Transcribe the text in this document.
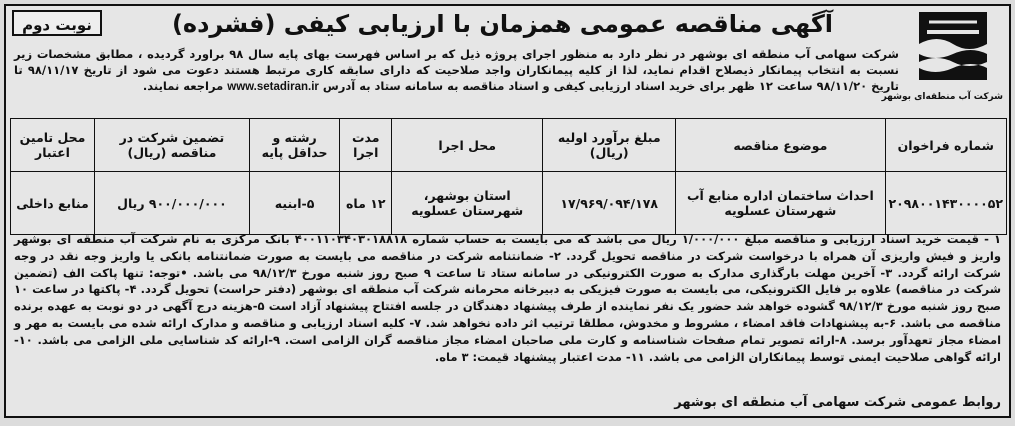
شرکت آب منطقه‌ای بوشهر
آگهی مناقصه عمومی همزمان با ارزیابی کیفی (فشرده)
نوبت دوم
شرکت سهامی آب منطقه ای بوشهر در نظر دارد به منظور اجرای پروژه ذیل که بر اساس فهرست بهای پایه سال ۹۸ براورد گردیده ، مطابق مشخصات زیر نسبت به انتخاب پیمانکار ذیصلاح اقدام نماید، لذا از کلیه پیمانکاران واجد صلاحیت که دارای سابقه کاری مرتبط هستند دعوت می شود از تاریخ ۹۸/۱۱/۱۷ تا تاریخ ۹۸/۱۱/۲۰ ساعت ۱۲ ظهر برای خرید اسناد ارزیابی کیفی و اسناد مناقصه به سامانه ستاد به آدرس www.setadiran.ir مراجعه نمایند.
شماره فراخوان	موضوع مناقصه	مبلغ برآورد اولیه (ریال)	محل اجرا	مدت اجرا	رشته و حداقل پایه	تضمین شرکت در مناقصه (ریال)	محل تامین اعتبار
۲۰۹۸۰۰۱۴۳۰۰۰۰۵۲	احداث ساختمان اداره منابع آب شهرستان عسلویه	۱۷/۹۶۹/۰۹۴/۱۷۸	استان بوشهر، شهرستان عسلویه	۱۲ ماه	۵-ابنیه	۹۰۰/۰۰۰/۰۰۰ ریال	منابع داخلی
۱ - قیمت خرید اسناد ارزیابی و مناقصه مبلغ ۱/۰۰۰/۰۰۰ ریال می باشد که می بایست به حساب شماره ۴۰۰۱۱۰۳۴۰۳۰۱۸۸۱۸ بانک مرکزی به نام شرکت آب منطقه ای بوشهر واریز و فیش واریزی آن همراه با درخواست شرکت در مناقصه تحویل گردد. ۲- ضمانتنامه شرکت در مناقصه می بایست به صورت ضمانتنامه بانکی یا واریز وجه نقد در وجه شرکت ارائه گردد. ۳- آخرین مهلت بارگذاری مدارک به صورت الکترونیکی در سامانه ستاد تا ساعت ۹ صبح روز شنبه مورخ ۹۸/۱۲/۳ می باشد. •توجه: تنها پاکت الف (تضمین شرکت در مناقصه) علاوه بر فایل الکترونیکی، می بایست به صورت فیزیکی به دبیرخانه محرمانه شرکت آب منطقه ای بوشهر (دفتر حراست) تحویل گردد. ۴- پاکتها در ساعت ۱۰ صبح روز شنبه مورخ ۹۸/۱۲/۳ گشوده خواهد شد حضور یک نفر نماینده از طرف پیشنهاد دهندگان در جلسه افتتاح پیشنهاد آزاد است ۵-هزینه درج آگهی در دو نوبت به عهده برنده مناقصه می باشد. ۶-به پیشنهادات فاقد امضاء ، مشروط و مخدوش، مطلقا ترتیب اثر داده نخواهد شد. ۷- کلیه اسناد ارزیابی و مناقصه و مدارک ارائه شده می بایست به مهر و امضاء مجاز تعهدآور برسد. ۸-ارائه تصویر تمام صفحات شناسنامه و کارت ملی صاحبان امضاء مجاز مناقصه گران الزامی است. ۹-ارائه کد شناسایی ملی الزامی می باشد. ۱۰-ارائه گواهی صلاحیت ایمنی توسط پیمانکاران الزامی می باشد. ۱۱- مدت اعتبار پیشنهاد قیمت: ۳ ماه.
روابط عمومی شرکت سهامی آب منطقه ای بوشهر
